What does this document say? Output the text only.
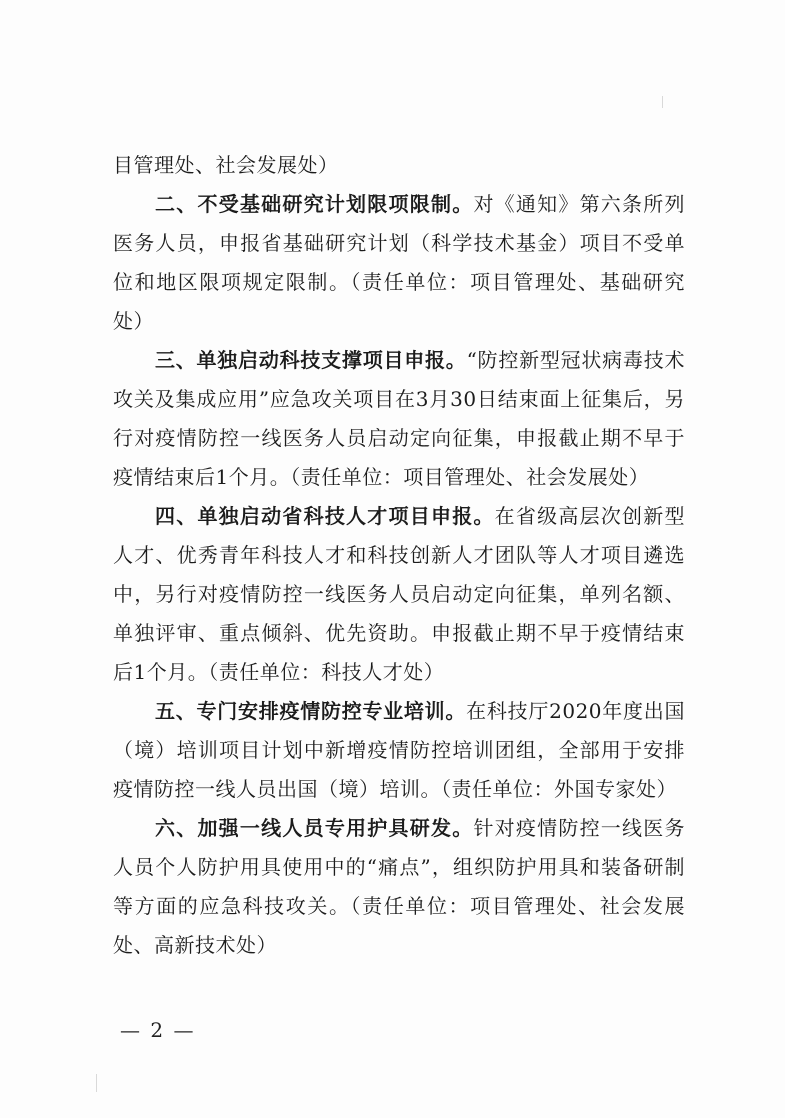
目管理处、社会发展处）

二、不受基础研究计划限项限制。对《通知》第六条所列医务人员，申报省基础研究计划（科学技术基金）项目不受单位和地区限项规定限制。（责任单位：项目管理处、基础研究处）

三、单独启动科技支撑项目申报。“防控新型冠状病毒技术攻关及集成应用”应急攻关项目在3月30日结束面上征集后，另行对疫情防控一线医务人员启动定向征集，申报截止期不早于疫情结束后1个月。（责任单位：项目管理处、社会发展处）

四、单独启动省科技人才项目申报。在省级高层次创新型人才、优秀青年科技人才和科技创新人才团队等人才项目遴选中，另行对疫情防控一线医务人员启动定向征集，单列名额、单独评审、重点倾斜、优先资助。申报截止期不早于疫情结束后1个月。（责任单位：科技人才处）

五、专门安排疫情防控专业培训。在科技厅2020年度出国（境）培训项目计划中新增疫情防控培训团组，全部用于安排疫情防控一线人员出国（境）培训。（责任单位：外国专家处）

六、加强一线人员专用护具研发。针对疫情防控一线医务人员个人防护用具使用中的“痛点”，组织防护用具和装备研制等方面的应急科技攻关。（责任单位：项目管理处、社会发展处、高新技术处）

— 2 —
